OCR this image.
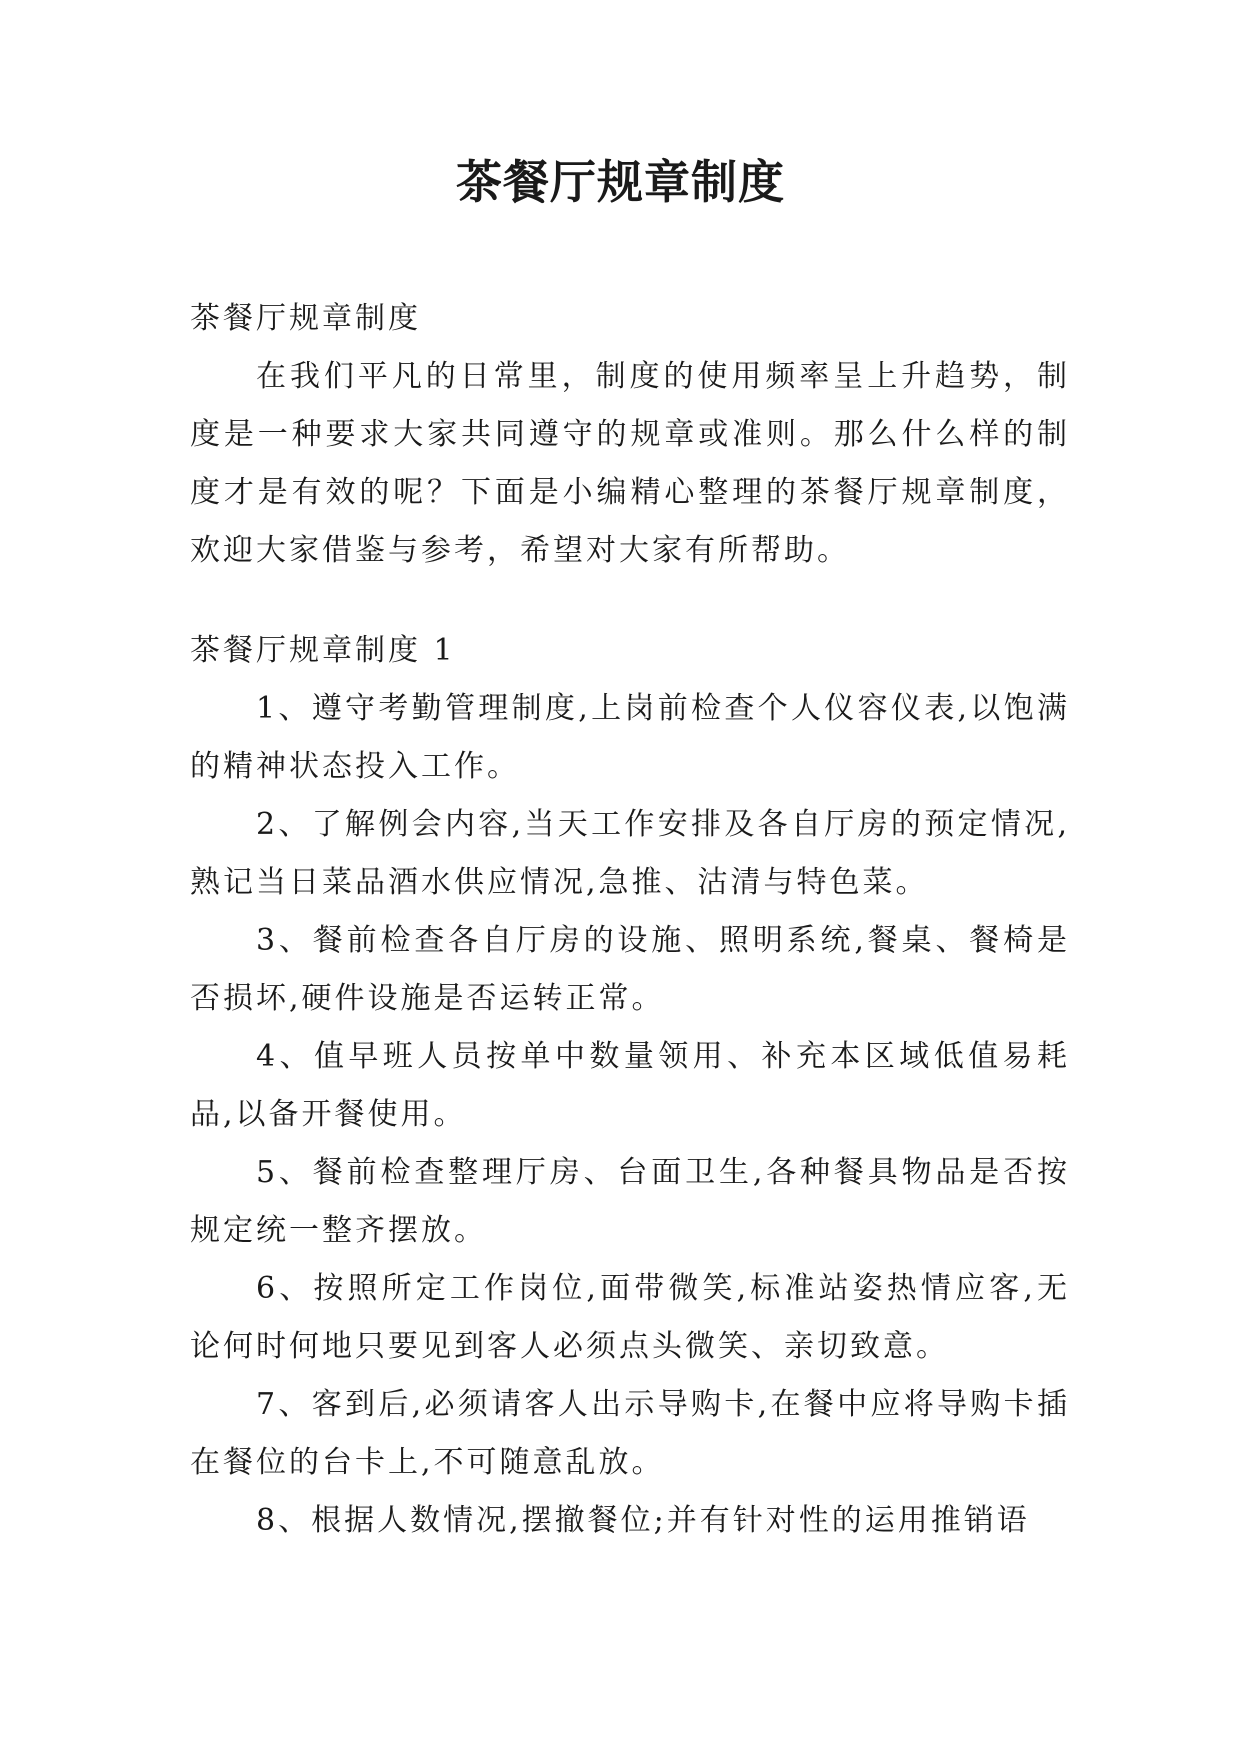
茶餐厅规章制度

茶餐厅规章制度

在我们平凡的日常里，制度的使用频率呈上升趋势，制度是一种要求大家共同遵守的规章或准则。那么什么样的制度才是有效的呢？下面是小编精心整理的茶餐厅规章制度，欢迎大家借鉴与参考，希望对大家有所帮助。

茶餐厅规章制度 1

1、遵守考勤管理制度,上岗前检查个人仪容仪表,以饱满的精神状态投入工作。

2、了解例会内容,当天工作安排及各自厅房的预定情况,熟记当日菜品酒水供应情况,急推、沽清与特色菜。

3、餐前检查各自厅房的设施、照明系统,餐桌、餐椅是否损坏,硬件设施是否运转正常。

4、值早班人员按单中数量领用、补充本区域低值易耗品,以备开餐使用。

5、餐前检查整理厅房、台面卫生,各种餐具物品是否按规定统一整齐摆放。

6、按照所定工作岗位,面带微笑,标准站姿热情应客,无论何时何地只要见到客人必须点头微笑、亲切致意。

7、客到后,必须请客人出示导购卡,在餐中应将导购卡插在餐位的台卡上,不可随意乱放。

8、根据人数情况,摆撤餐位;并有针对性的运用推销语
